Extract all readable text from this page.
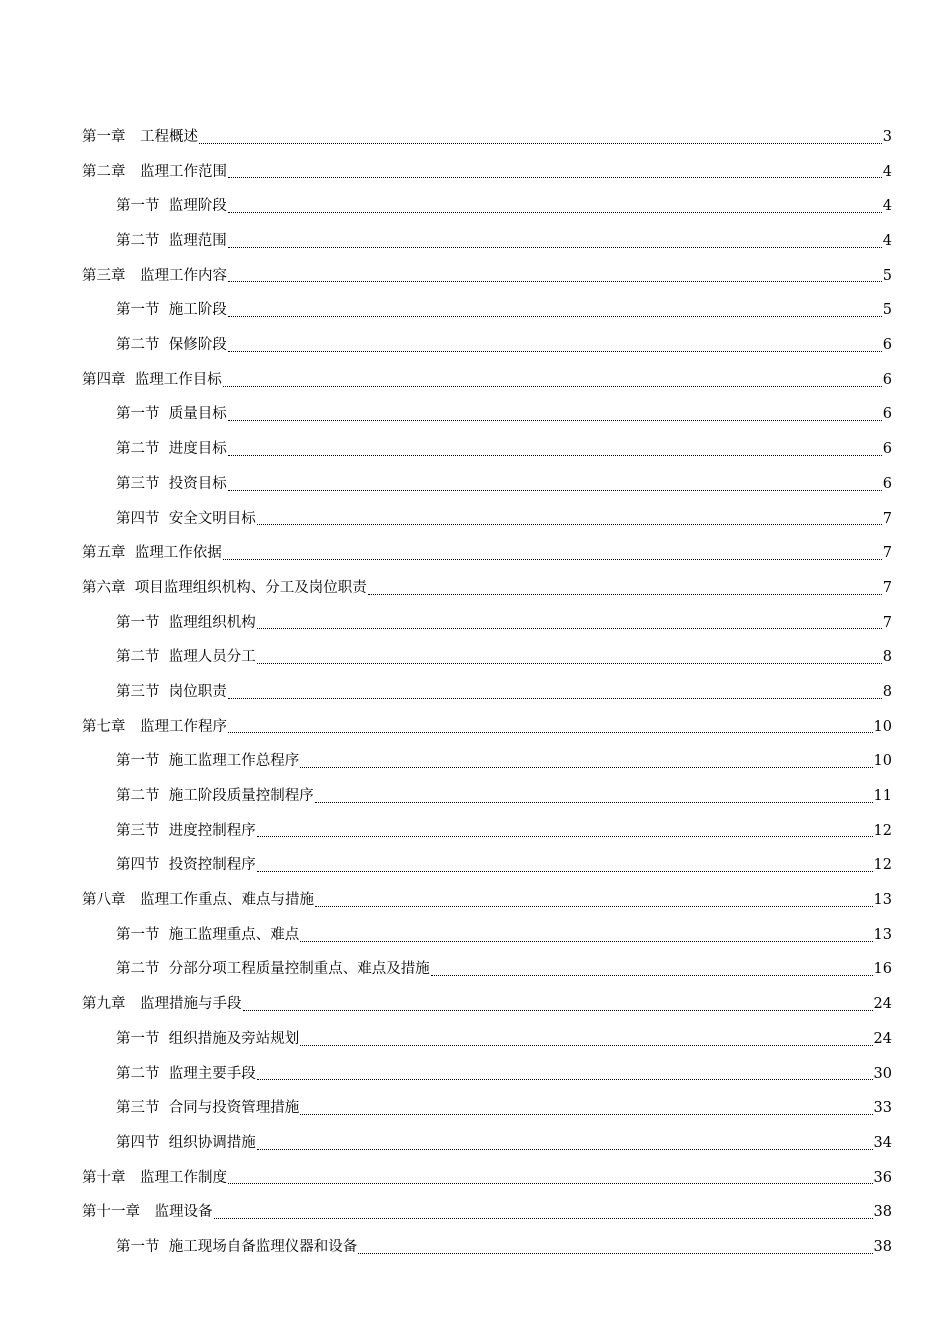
第一章　工程概述	3
第二章　监理工作范围	4
第一节  监理阶段	4
第二节  监理范围	4
第三章　监理工作内容	5
第一节  施工阶段	5
第二节  保修阶段	6
第四章  监理工作目标	6
第一节  质量目标	6
第二节  进度目标	6
第三节  投资目标	6
第四节  安全文明目标	7
第五章  监理工作依据	7
第六章  项目监理组织机构、分工及岗位职责	7
第一节  监理组织机构	7
第二节  监理人员分工	8
第三节  岗位职责	8
第七章　监理工作程序	10
第一节  施工监理工作总程序	10
第二节  施工阶段质量控制程序	11
第三节  进度控制程序	12
第四节  投资控制程序	12
第八章　监理工作重点、难点与措施	13
第一节  施工监理重点、难点	13
第二节  分部分项工程质量控制重点、难点及措施	16
第九章　监理措施与手段	24
第一节  组织措施及旁站规划	24
第二节  监理主要手段	30
第三节  合同与投资管理措施	33
第四节  组织协调措施	34
第十章　监理工作制度	36
第十一章　监理设备	38
第一节  施工现场自备监理仪器和设备	38
